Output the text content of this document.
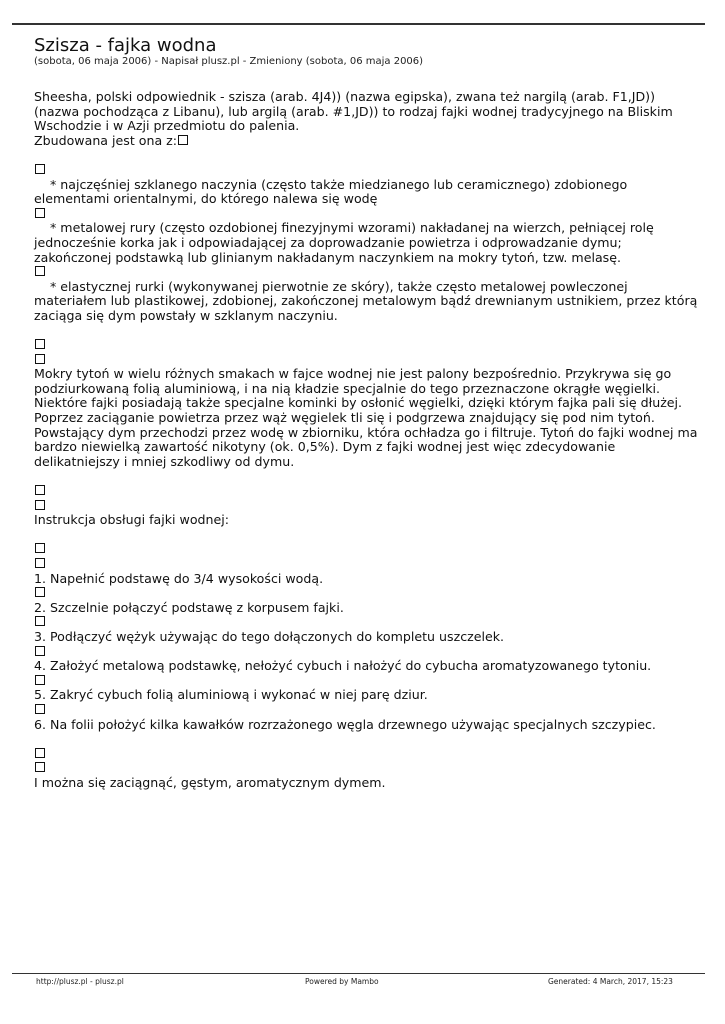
Szisza - fajka wodna
(sobota, 06 maja 2006) - Napisał plusz.pl - Zmieniony (sobota, 06 maja 2006)
Sheesha, polski odpowiednik - szisza (arab. 4J4)) (nazwa egipska), zwana też nargilą (arab. F1,JD))
(nazwa pochodząca z Libanu), lub argilą (arab. #1,JD)) to rodzaj fajki wodnej tradycyjnego na Bliskim
Wschodzie i w Azji przedmiotu do palenia.
Zbudowana jest ona z:
* najczęśniej szklanego naczynia (często także miedzianego lub ceramicznego) zdobionego
elementami orientalnymi, do którego nalewa się wodę
* metalowej rury (często ozdobionej finezyjnymi wzorami) nakładanej na wierzch, pełniącej rolę
jednocześnie korka jak i odpowiadającej za doprowadzanie powietrza i odprowadzanie dymu;
zakończonej podstawką lub glinianym nakładanym naczynkiem na mokry tytoń, tzw. melasę.
* elastycznej rurki (wykonywanej pierwotnie ze skóry), także często metalowej powleczonej
materiałem lub plastikowej, zdobionej, zakończonej metalowym bądź drewnianym ustnikiem, przez którą
zaciąga się dym powstały w szklanym naczyniu.
Mokry tytoń w wielu różnych smakach w fajce wodnej nie jest palony bezpośrednio. Przykrywa się go
podziurkowaną folią aluminiową, i na nią kładzie specjalnie do tego przeznaczone okrągłe węgielki.
Niektóre fajki posiadają także specjalne kominki by osłonić węgielki, dzięki którym fajka pali się dłużej.
Poprzez zaciąganie powietrza przez wąż węgielek tli się i podgrzewa znajdujący się pod nim tytoń.
Powstający dym przechodzi przez wodę w zbiorniku, która ochładza go i filtruje. Tytoń do fajki wodnej ma
bardzo niewielką zawartość nikotyny (ok. 0,5%). Dym z fajki wodnej jest więc zdecydowanie
delikatniejszy i mniej szkodliwy od dymu.
Instrukcja obsługi fajki wodnej:
1. Napełnić podstawę do 3/4 wysokości wodą.
2. Szczelnie połączyć podstawę z korpusem fajki.
3. Podłączyć wężyk używając do tego dołączonych do kompletu uszczelek.
4. Założyć metalową podstawkę, nełożyć cybuch i nałożyć do cybucha aromatyzowanego tytoniu.
5. Zakryć cybuch folią aluminiową i wykonać w niej parę dziur.
6. Na folii położyć kilka kawałków rozrzażonego węgla drzewnego używając specjalnych szczypiec.
I można się zaciągnąć, gęstym, aromatycznym dymem.
http://plusz.pl - plusz.pl	Powered by Mambo	Generated: 4 March, 2017, 15:23
